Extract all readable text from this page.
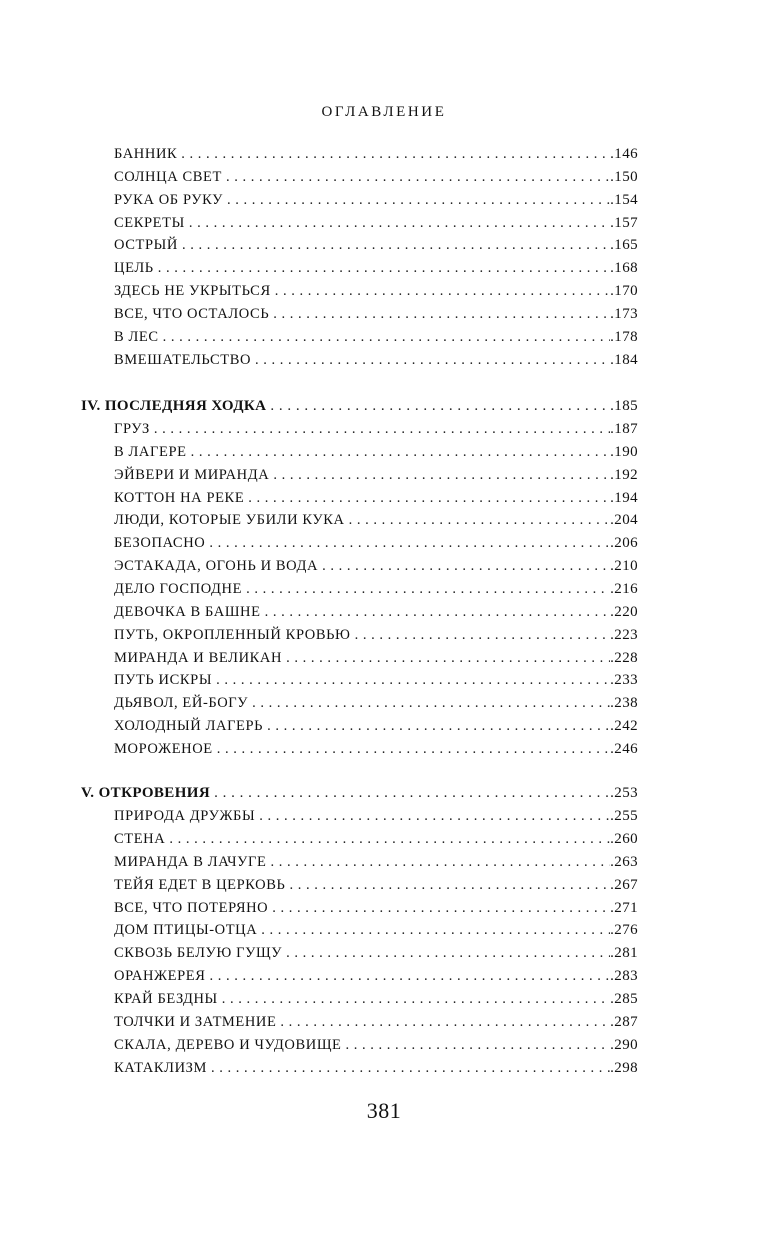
ОГЛАВЛЕНИЕ
БАННИК . . .	.146
СОЛНЦА СВЕТ . . .	.150
РУКА ОБ РУКУ . . .	.154
СЕКРЕТЫ . . .	.157
ОСТРЫЙ . . .	.165
ЦЕЛЬ . . .	.168
ЗДЕСЬ НЕ УКРЫТЬСЯ . . .	.170
ВСЕ, ЧТО ОСТАЛОСЬ . . .	.173
В ЛЕС . . .	.178
ВМЕШАТЕЛЬСТВО . . .	.184
IV. ПОСЛЕДНЯЯ ХОДКА . . .	.185
ГРУЗ . . .	.187
В ЛАГЕРЕ . . .	.190
ЭЙВЕРИ И МИРАНДА . . .	.192
КОТТОН НА РЕКЕ . . .	.194
ЛЮДИ, КОТОРЫЕ УБИЛИ КУКА . . .	.204
БЕЗОПАСНО . . .	.206
ЭСТАКАДА, ОГОНЬ И ВОДА . . .	.210
ДЕЛО ГОСПОДНЕ . . .	.216
ДЕВОЧКА В БАШНЕ . . .	.220
ПУТЬ, ОКРОПЛЕННЫЙ КРОВЬЮ . . .	.223
МИРАНДА И ВЕЛИКАН . . .	.228
ПУТЬ ИСКРЫ . . .	.233
ДЬЯВОЛ, ЕЙ-БОГУ . . .	.238
ХОЛОДНЫЙ ЛАГЕРЬ . . .	.242
МОРОЖЕНОЕ . . .	.246
V. ОТКРОВЕНИЯ . . .	.253
ПРИРОДА ДРУЖБЫ . . .	.255
СТЕНА . . .	.260
МИРАНДА В ЛАЧУГЕ . . .	.263
ТЕЙЯ ЕДЕТ В ЦЕРКОВЬ . . .	.267
ВСЕ, ЧТО ПОТЕРЯНО . . .	.271
ДОМ ПТИЦЫ-ОТЦА . . .	.276
СКВОЗЬ БЕЛУЮ ГУЩУ . . .	.281
ОРАНЖЕРЕЯ . . .	.283
КРАЙ БЕЗДНЫ . . .	.285
ТОЛЧКИ И ЗАТМЕНИЕ . . .	.287
СКАЛА, ДЕРЕВО И ЧУДОВИЩЕ . . .	.290
КАТАКЛИЗМ . . .	.298
381
